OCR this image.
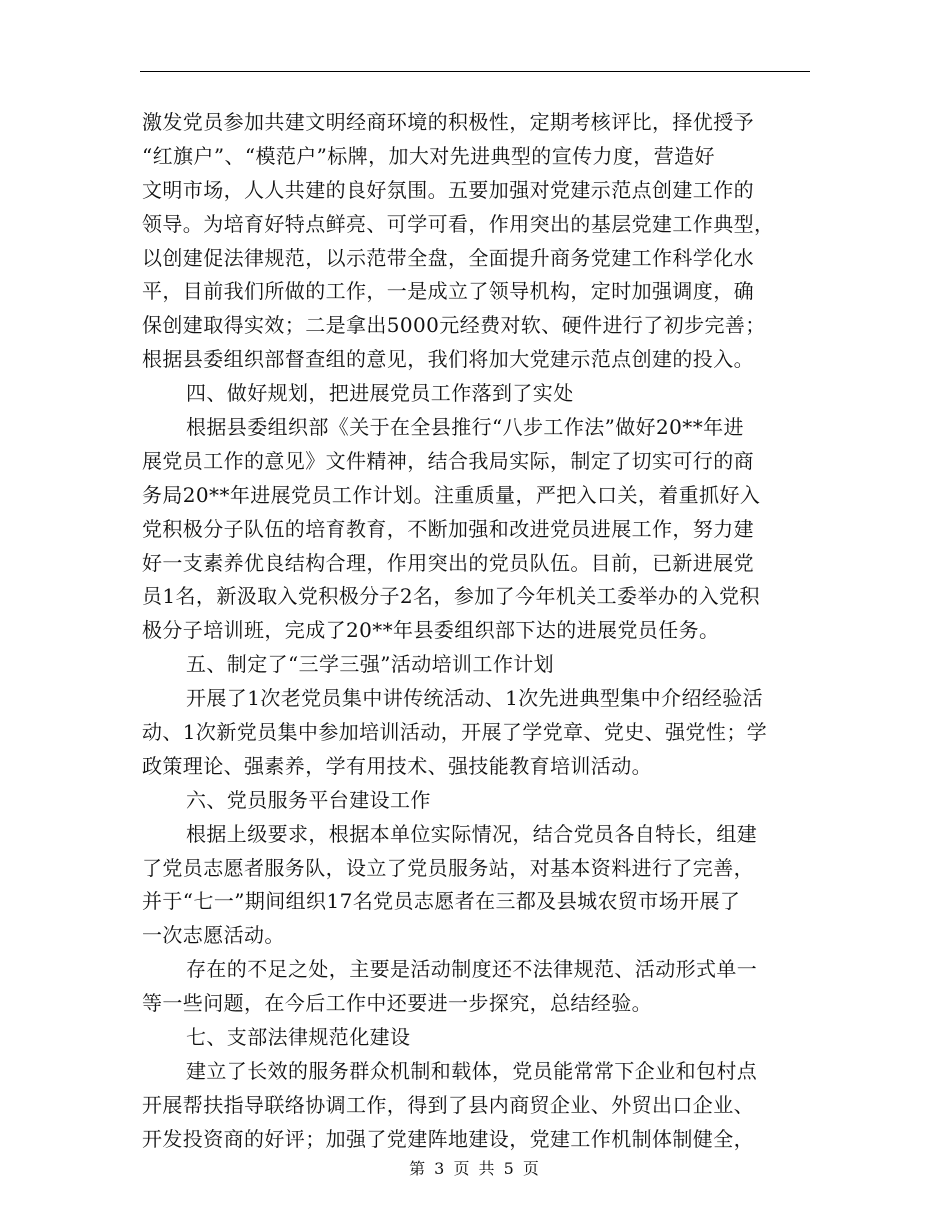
激发党员参加共建文明经商环境的积极性，定期考核评比，择优授予
“红旗户”、“模范户”标牌，加大对先进典型的宣传力度，营造好
文明市场，人人共建的良好氛围。五要加强对党建示范点创建工作的
领导。为培育好特点鲜亮、可学可看，作用突出的基层党建工作典型，
以创建促法律规范，以示范带全盘，全面提升商务党建工作科学化水
平，目前我们所做的工作，一是成立了领导机构，定时加强调度，确
保创建取得实效；二是拿出5000元经费对软、硬件进行了初步完善；
根据县委组织部督查组的意见，我们将加大党建示范点创建的投入。
四、做好规划，把进展党员工作落到了实处
根据县委组织部《关于在全县推行“八步工作法”做好20**年进
展党员工作的意见》文件精神，结合我局实际，制定了切实可行的商
务局20**年进展党员工作计划。注重质量，严把入口关，着重抓好入
党积极分子队伍的培育教育，不断加强和改进党员进展工作，努力建
好一支素养优良结构合理，作用突出的党员队伍。目前，已新进展党
员1名，新汲取入党积极分子2名，参加了今年机关工委举办的入党积
极分子培训班，完成了20**年县委组织部下达的进展党员任务。
五、制定了“三学三强”活动培训工作计划
开展了1次老党员集中讲传统活动、1次先进典型集中介绍经验活
动、1次新党员集中参加培训活动，开展了学党章、党史、强党性；学
政策理论、强素养，学有用技术、强技能教育培训活动。
六、党员服务平台建设工作
根据上级要求，根据本单位实际情况，结合党员各自特长，组建
了党员志愿者服务队，设立了党员服务站，对基本资料进行了完善，
并于“七一”期间组织17名党员志愿者在三都及县城农贸市场开展了
一次志愿活动。
存在的不足之处，主要是活动制度还不法律规范、活动形式单一
等一些问题，在今后工作中还要进一步探究，总结经验。
七、支部法律规范化建设
建立了长效的服务群众机制和载体，党员能常常下企业和包村点
开展帮扶指导联络协调工作，得到了县内商贸企业、外贸出口企业、
开发投资商的好评；加强了党建阵地建设，党建工作机制体制健全，
第 3 页 共 5 页
